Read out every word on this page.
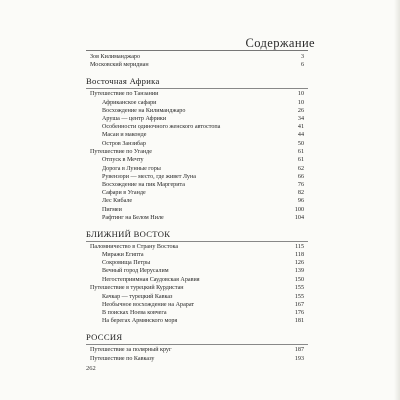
Содержание
Зов Килиманджаро	3
Московский меридиан	6
Восточная Африка
Путешествие по Танзании	10
Африканское сафари	10
Восхождение на Килиманджаро	26
Аруша — центр Африки	34
Особенности одиночного женского автостопа	41
Масаи и маконде	44
Остров Занзибар	50
Путешествие по Уганде	61
Отпуск в Мечту	61
Дорога в Лунные горы	62
Рувензори — место, где живет Луна	66
Восхождение на пик Маргерита	76
Сафари в Уганде	82
Лес Кибале	96
Пигмеи	100
Рафтинг на Белом Ниле	104
БЛИЖНИЙ ВОСТОК
Паломничество в Страну Востока	115
Миражи Египта	118
Сокровища Петры	126
Вечный город Иерусалим	139
Негостеприимная Саудовская Аравия	150
Путешествие в турецкий Курдистан	155
Качкар — турецкий Кавказ	155
Необычное восхождение на Арарат	167
В поисках Ноева ковчега	176
На берегах Армянского моря	181
РОССИЯ
Путешествие за полярный круг	187
Путешествие по Кавказу	193
262
